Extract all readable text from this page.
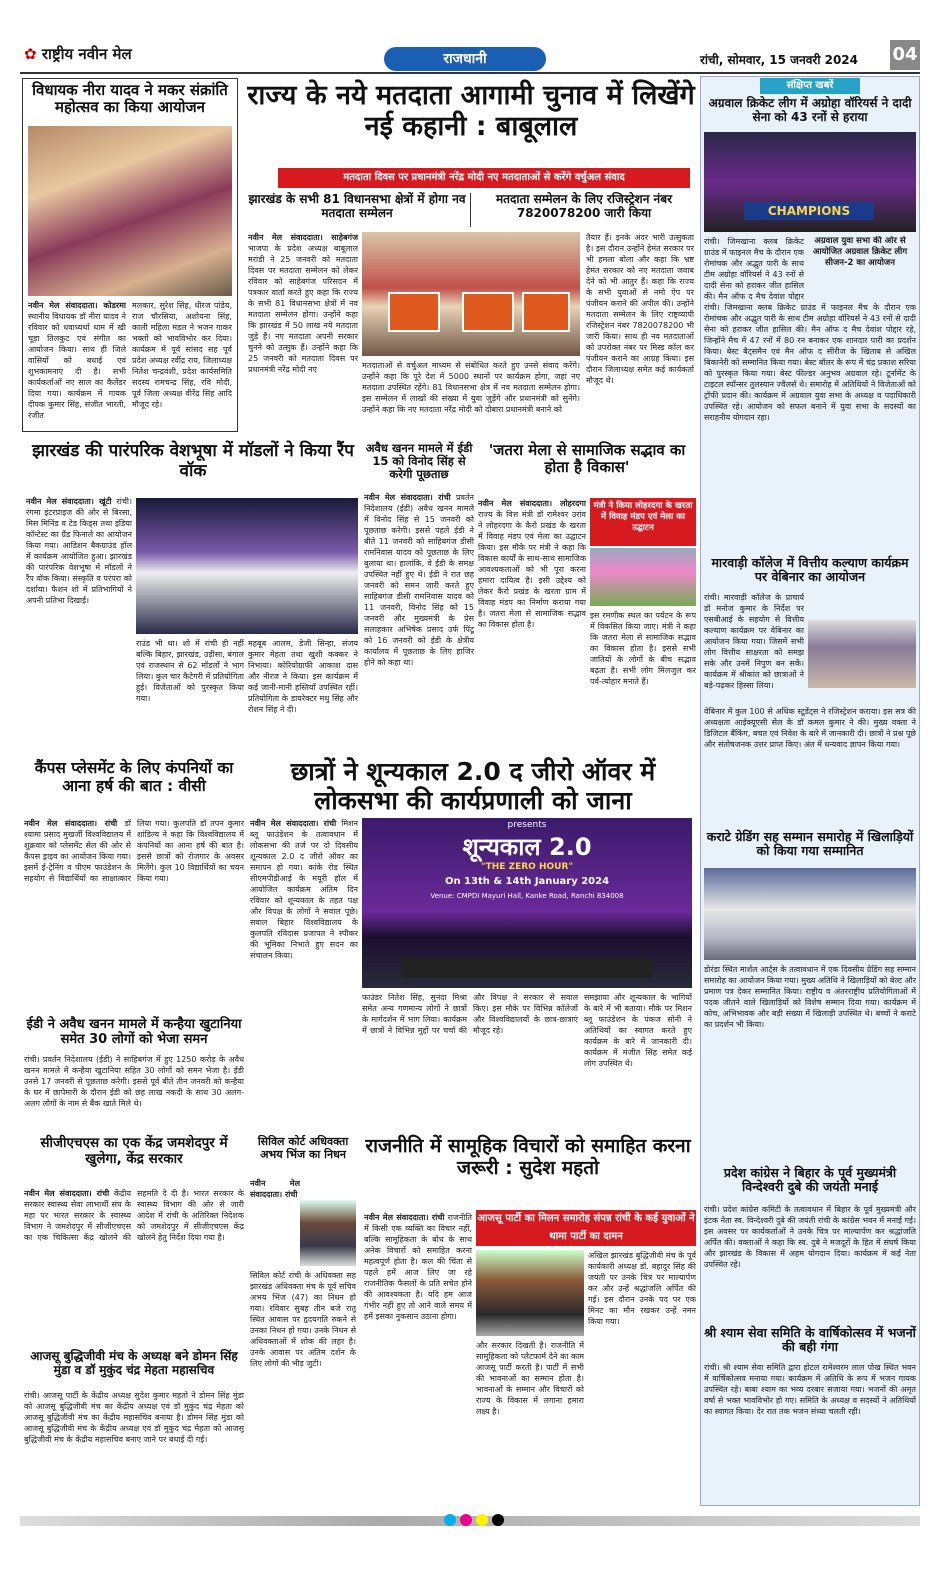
✿ राष्ट्रीय नवीन मेल	राजधानी	रांची, सोमवार, 15 जनवरी 2024 04
विधायक नीरा यादव ने मकर संक्रांति महोत्सव का किया आयोजन
नवीन मेल संवाददाता। कोडरमा स्थानीय विधायक डॉ नीरा यादव ने रविवार को धवाध्यर्था धाम में खी चूड़ा तिलकुट एवं संगीत का आयोजन किया। साथ ही जिले वासियों को बधाई एवं शुभकामनाएं दी है। सभी कार्यकर्ताओं नए साल का कैलेंडर दिया गया। कार्यक्रम में गायक दीपक कुमार सिंह, संजीत भारती, रंजीत
मलकार, सुरेश सिंह, धीरज पांडेय, राज चौरसिया, अशोयना सिंह, काली महिला मंडल ने भजन गाकर भक्तों को भावविभोर कर दिया। कार्यक्रम में पूर्व सांसद सह पूर्व प्रदेश अध्यक्ष रवींद्र राय, जिलाध्यक्ष नितेश चन्द्रवंशी, प्रदेश कार्यसमिति सदस्य रामचन्द्र सिंह, रवि मोदी, पूर्व जिला अध्यक्ष वीरेंद्र सिंह आदि मौजूद रहे।
राज्य के नये मतदाता आगामी चुनाव में लिखेंगे नई कहानी : बाबूलाल
मतदाता दिवस पर प्रधानमंत्री नरेंद्र मोदी नए मतदाताओं से करेंगे वर्चुअल संवाद
झारखंड के सभी 81 विधानसभा क्षेत्रों में होगा नव मतदाता सम्मेलन
मतदाता सम्मेलन के लिए रजिस्ट्रेशन नंबर 7820078200 जारी किया
नवीन मेल संवाददाता। साहेबगंज भाजपा के प्रदेश अध्यक्ष बाबूलाल मरांडी ने 25 जनवरी को मतदाता दिवस पर मतदाता सम्मेलन को लेकर रविवार को साहेबगंज परिसदन में पत्रकार वार्ता करते हुए कहा कि राज्य के सभी 81 विधानसभा क्षेत्रों में नव मतदाता सम्मेलन होगा। उन्होंने कहा कि झारखंड में 50 लाख नये मतदाता जुड़े हैं। नए मतदाता अपनी सरकार चुनने को उत्सुक हैं। उन्होंने कहा कि 25 जनवरी को मतदाता दिवस पर प्रधानमंत्री नरेंद्र मोदी नए	मतदाताओं से वर्चुअल माध्यम से संबोधित करते हुए उनसे संवाद करेंगे। उन्होंने कहा कि पूरे देश में 5000 स्थानों पर कार्यक्रम होगा, जहां नए मतदाता उपस्थित रहेंगे। 81 विधानसभा क्षेत्र में नव मतदाता सम्मेलन होगा। इस सम्मेलन में लाखों की संख्या में युवा जुड़ेंगे और प्रधानमंत्री को सुनेंगे। उन्होंने कहा कि नए मतदाता नरेंद्र मोदी को दोबारा प्रधानमंत्री बनाने को
तैयार हैं। इनके अंदर भारी उत्सुकता है। इस दौरान उन्होंने हेमंत सरकार पर भी हमला बोला और कहा कि भ्रष्ट हेमंत सरकार को नए मतदाता जवाब देने को भी आतुर हैं। कहा कि राज्य के सभी युवाओं से नमो ऐप पर पंजीयन कराने की अपील की। उन्होंने मतदाता सम्मेलन के लिए राष्ट्रव्यापी रजिस्ट्रेशन नंबर 7820078200 भी जारी किया। साथ ही नव मतदाताओं को उपरोक्त नंबर पर मिस्ड कॉल कर पंजीयन कराने का आग्रह किया। इस दौरान जिलाध्यक्ष समेत कई कार्यकर्ता मौजूद थे।
संक्षिप्त खबरें
अग्रवाल क्रिकेट लीग में अग्रोहा वॉरियर्स ने दादी सेना को 43 रनों से हराया
CHAMPIONS
अग्रवाल युवा सभा की ओर से आयोजित अग्रवाल क्रिकेट लीग सीजन-2 का आयोजन
रांची। जिमखाना क्लब क्रिकेट ग्राउंड में फाइनल मैच के दौरान एक रोमांचक और अद्भुत पारी के साथ टीम अग्रोहा वॉरियर्स ने 43 रनों से दादी सेना को हराकर जीत हासिल की। मैन ऑफ द मैच देवांश पोद्दार
रांची। जिमखाना क्लब क्रिकेट ग्राउंड में फाइनल मैच के दौरान एक रोमांचक और अद्भुत पारी के साथ टीम अग्रोहा वॉरियर्स ने 43 रनों से दादी सेना को हराकर जीत हासिल की। मैन ऑफ द मैच देवांश पोद्दार रहे, जिन्होंने मैच में 47 रनों में 80 रन बनाकर एक शानदार पारी का प्रदर्शन किया। बेस्ट बैट्समैन एवं मैन ऑफ द सीरीज के खिताब से अखिल बिकानेरी को सम्मानित किया गया। बेस्ट बॉलर के रूप में चंद्र प्रकाश सरिया को पुरस्कृत किया गया। बेस्ट फील्डर अनुभव अग्रवाल रहे। टूर्नामेंट के टाइटल स्पॉन्सर तुलस्यान ज्वैलर्स थे। समारोह में अतिथियों ने विजेताओं को ट्रॉफी प्रदान की। कार्यक्रम में अग्रवाल युवा सभा के अध्यक्ष व पदाधिकारी उपस्थित रहे। आयोजन को सफल बनाने में युवा सभा के सदस्यों का सराहनीय योगदान रहा।
मारवाड़ी कॉलेज में वित्तीय कल्याण कार्यक्रम पर वेबिनार का आयोजन
रांची। मारवाड़ी कॉलेज के प्राचार्य डॉ मनोज कुमार के निर्देश पर एसबीआई के सहयोग से वित्तीय कल्याण कार्यक्रम पर वेबिनार का आयोजन किया गया। जिसमें सभी लोग वित्तीय साक्षरता को समझ सके और उनमें निपुण बन सकें। कार्यक्रम में श्रीकांत को छात्राओं ने बड़े-पढ़कर हिस्सा लिया।
वेबिनार में कुल 100 से अधिक स्टूडेंट्स ने रजिस्ट्रेशन कराया। इस सत्र की अध्यक्षता आईक्यूएसी सेल के डॉ कमल कुमार ने की। मुख्य वक्ता ने डिजिटल बैंकिंग, बचत एवं निवेश के बारे में जानकारी दी। छात्रों ने प्रश्न पूछे और संतोषजनक उत्तर प्राप्त किए। अंत में धन्यवाद ज्ञापन किया गया।
कराटे ग्रेडिंग सह सम्मान समारोह में खिलाड़ियों को किया गया सम्मानित
डोरंडा स्थित मार्शल आर्ट्स के तत्वावधान में एक दिवसीय ग्रेडिंग सह सम्मान समारोह का आयोजन किया गया। मुख्य अतिथि ने खिलाड़ियों को बेल्ट और प्रमाण पत्र देकर सम्मानित किया। राष्ट्रीय व अंतरराष्ट्रीय प्रतियोगिताओं में पदक जीतने वाले खिलाड़ियों को विशेष सम्मान दिया गया। कार्यक्रम में कोच, अभिभावक और बड़ी संख्या में खिलाड़ी उपस्थित थे। बच्चों ने कराटे का प्रदर्शन भी किया।
प्रदेश कांग्रेस ने बिहार के पूर्व मुख्यमंत्री विन्देश्वरी दुबे की जयंती मनाई
रांची। प्रदेश कांग्रेस कमिटी के तत्वावधान में बिहार के पूर्व मुख्यमंत्री और इंटक नेता स्व. विन्देश्वरी दुबे की जयंती रांची के कांग्रेस भवन में मनाई गई। इस अवसर पर कार्यकर्ताओं ने उनके चित्र पर माल्यार्पण कर श्रद्धांजलि अर्पित की। वक्ताओं ने कहा कि स्व. दुबे ने मजदूरों के हित में संघर्ष किया और झारखंड के विकास में अहम योगदान दिया। कार्यक्रम में कई नेता उपस्थित रहे।
श्री श्याम सेवा समिति के वार्षिकोत्सव में भजनों की बही गंगा
रांची। श्री श्याम सेवा समिति द्वारा होटल रामेश्वरम लाल पोख स्थित भवन में वार्षिकोत्सव मनाया गया। कार्यक्रम में अतिथि के रूप में भजन गायक उपस्थित रहे। बाबा श्याम का भव्य दरबार सजाया गया। भजनों की अमृत वर्षा से भक्त भावविभोर हो गए। समिति के अध्यक्ष व सदस्यों ने अतिथियों का स्वागत किया। देर रात तक भजन संध्या चलती रही।
झारखंड की पारंपरिक वेशभूषा में मॉडलों ने किया रैंप वॉक
नवीन मेल संवाददाता। खूंटी रांची। रंगमा इंटरप्राइज की ओर से बिरसा, मिस मिनिंड व टेड किड्स तथा इंडिया कॉन्टेस्ट का ग्रैंड फिनाले का आयोजन किया गया। आडिशन बैकग्राउंड हॉल में कार्यक्रम आयोजित हुआ। झारखंड की पारंपरिक वेशभूषा में मॉडलों ने रैंप वॉक किया। संस्कृति व परंपरा को दर्शाया। फैशन शो में प्रतिभागियों ने अपनी प्रतिभा दिखाई।
राउंड भी था। शो में रांची ही नहीं बल्कि बिहार, झारखंड, उड़ीसा, बंगाल एवं राजस्थान से 62 मॉडलों ने भाग लिया। कुल चार कैटेगरी में प्रतियोगिता हुई। विजेताओं को पुरस्कृत किया गया।
महबूब आलम, डेजी सिन्हा, संजय कुमार मेहता तथा खुशी कक्कर ने निभाया। कोरियोग्राफी आकाश दास और नीरज ने किया। इस कार्यक्रम में कई जानी-मानी हस्तियाँ उपस्थित रहीं। प्रतियोगिता के डायरेक्टर मधु सिंह और रोशन सिंह ने दी।
अवैध खनन मामले में ईडी 15 को विनोद सिंह से करेगी पूछताछ
नवीन मेल संवाददाता। रांची प्रवर्तन निदेशालय (ईडी) अवैध खनन मामले में विनोद सिंह से 15 जनवरी को पूछताछ करेगी। इससे पहले ईडी ने बीते 11 जनवरी को साहिबगंज डीसी रामनिवास यादव को पूछताछ के लिए बुलाया था। हालांकि, वे ईडी के समक्ष उपस्थित नहीं हुए थे। ईडी ने रात छह जनवरी को समन जारी करते हुए साहिबगंज डीसी रामनिवास यादव को 11 जनवरी, विनोद सिंह को 15 जनवरी और मुख्यमंत्री के प्रेस सलाहकार अभिषेक प्रसाद उर्फ पिंटू को 16 जनवरी को ईडी के क्षेत्रीय कार्यालय में पूछताछ के लिए हाजिर होने को कहा था।
'जतरा मेला से सामाजिक सद्भाव का होता है विकास'
नवीन मेल संवाददाता। लोहरदगा राज्य के वित्त मंत्री डॉ रामेश्वर उरांव ने लोहरदगा के कैरो प्रखंड के खरता में विवाह मंडप एवं मेला का उद्घाटन किया। इस मौके पर मंत्री ने कहा कि विकास कार्यों के साथ-साथ सामाजिक आवश्यकताओं को भी पूरा करना हमारा दायित्व है। इसी उद्देश्य को लेकर कैरो प्रखंड के खरता ग्राम में विवाह मंडप का निर्माण कराया गया है। जतरा मेला से सामाजिक सद्भाव का विकास होता है।
मंत्री ने किया लोहरदगा के खरता में विवाह मंडप एवं मेला का उद्घाटन
इस रमणीक स्थल का पर्यटन के रूप में विकसित किया जाए। मंत्री ने कहा कि जतरा मेला से सामाजिक सद्भाव का विकास होता है। इससे सभी जातियों के लोगों के बीच सद्भाव बढ़ता है। सभी लोग मिलजुल कर पर्व-त्योहार मनाते हैं।
कैंपस प्लेसमेंट के लिए कंपनियों का आना हर्ष की बात : वीसी
नवीन मेल संवाददाता। रांची डॉ श्यामा प्रसाद मुखर्जी विश्वविद्यालय में शुक्रवार को प्लेसमेंट सेल की ओर से कैंपस ड्राइव का आयोजन किया गया। इसमें ई-ट्रेनिंग व पीएम फाउंडेशन के सहयोग से विद्यार्थियों का साक्षात्कार लिया गया। कुलपति डॉ तपन कुमार शांडिल्य ने कहा कि विश्वविद्यालय में कंपनियों का आना हर्ष की बात है। इससे छात्रों को रोजगार के अवसर मिलेंगे। कुल 10 विद्यार्थियों का चयन किया गया।
ईडी ने अवैध खनन मामले में कन्हैया खुटानिया समेत 30 लोगों को भेजा समन
रांची। प्रवर्तन निदेशालय (ईडी) ने साहिबगंज में हुए 1250 करोड़ के अवैध खनन मामले में कन्हैया खुटानिया सहित 30 लोगों को समन भेजा है। ईडी उनसे 17 जनवरी से पूछताछ करेगी। इससे पूर्व बीते तीन जनवरी को कन्हैया के घर में छापेमारी के दौरान ईडी को छह लाख नकदी के साथ 30 अलग-अलग लोगों के नाम से बैंक खाते मिले थे।
छात्रों ने शून्यकाल 2.0 द जीरो ऑवर में लोकसभा की कार्यप्रणाली को जाना
नवीन मेल संवाददाता। रांची मिशन ब्लू फाउंडेशन के तत्वावधान में लोकसभा की तर्ज पर दो दिवसीय शून्यकाल 2.0 द जीरो ऑवर का समापन हो गया। कांके रोड स्थित सीएमपीडीआई के मयूरी हॉल में आयोजित कार्यक्रम अंतिम दिन रविवार को शून्यकाल के तहत पक्ष और विपक्ष के लोगों ने सवाल पूछे। सवाल बिहार विश्वविद्यालय के कुलपति रविदास प्रजापत ने स्पीकर की भूमिका निभाते हुए सदन का संचालन किया।
presents
शून्यकाल 2.0
"THE ZERO HOUR"
On 13th & 14th January 2024
Venue: CMPDI Mayuri Hall, Kanke Road, Ranchi 834008
फाउंडर नितेश सिंह, सुनंदा मिश्रा समेत अन्य गणमान्य लोगों ने छात्रों के मार्गदर्शन में भाग लिया। कार्यक्रम में छात्रों ने विभिन्न मुद्दों पर चर्चा की और विपक्ष ने सरकार से सवाल किए। इस मौके पर विभिन्न कॉलेजों और विश्वविद्यालयों के छात्र-छात्राएं मौजूद रहे।
समझाया और शून्यकाल के भागियों के बारे में भी बताया। मौके पर मिशन ब्लू फाउंडेशन के पंकज सोनी ने अतिथियों का स्वागत करते हुए कार्यक्रम के बारे में जानकारी दी। कार्यक्रम में मंजीत सिंह समेत कई लोग उपस्थित थे।
सीजीएचएस का एक केंद्र जमशेदपुर में खुलेगा, केंद्र सरकार
नवीन मेल संवाददाता। रांची केंद्रीय सरकार स्वास्थ्य सेवा लाभार्थी संघ के महा पर भारत सरकार के स्वास्थ्य विभाग ने जमशेदपुर में सीजीएचएस का एक चिकित्सा केंद्र खोलने की सहमति दे दी है। भारत सरकार के स्वास्थ्य विभाग की ओर से जारी आदेश में रांची के अतिरिक्त निदेशक को जमशेदपुर में सीजीएचएस केंद्र खोलने हेतु निर्देश दिया गया है।
आजसू बुद्धिजीवी मंच के अध्यक्ष बने डोमन सिंह मुंडा व डॉ मुकुंद चंद्र मेहता महासचिव
रांची। आजसू पार्टी के केंद्रीय अध्यक्ष सुदेश कुमार महतो ने डोमन सिंह मुंडा को आजसू बुद्धिजीवी मंच का केंद्रीय अध्यक्ष एवं डॉ मुकुंद चंद्र मेहता को आजसू बुद्धिजीवी मंच का केंद्रीय महासचिव बनाया है। डोमन सिंह मुंडा को आजसू बुद्धिजीवी मंच के केंद्रीय अध्यक्ष एवं डॉ मुकुंद चंद्र मेहता को आजसू बुद्धिजीवी मंच के केंद्रीय महासचिव बनाए जाने पर बधाई दी गई।
सिविल कोर्ट अधिवक्ता अभय भिंज का निधन
नवीन मेल संवाददाता। रांची
सिविल कोर्ट रांची के अधिवक्ता सह झारखंड अधिवक्ता मंच के पूर्व सचिव अभय भिंज (47) का निधन हो गया। रविवार सुबह तीन बजे रातू स्थित आवास पर हृदयगति रुकने से उनका निधन हो गया। उनके निधन से अधिवक्ताओं में शोक की लहर है। उनके आवास पर अंतिम दर्शन के लिए लोगों की भीड़ जुटी।
राजनीति में सामूहिक विचारों को समाहित करना जरूरी : सुदेश महतो
आजसू पार्टी का मिलन समारोह संपन्न रांची के कई युवाओं ने थामा पार्टी का दामन
नवीन मेल संवाददाता। रांची राजनीति में किसी एक व्यक्ति का विचार नहीं, बल्कि सामूहिकता के बोध के साथ अनेक विचारों को समाहित करना महत्वपूर्ण होता है। कल की चिंता से पहले हमें आज लिए जा रहे राजनीतिक फैसलों के प्रति सचेत होने की आवश्यकता है। यदि हम आज गंभीर नहीं हुए तो आने वाले समय में हमें इसका नुकसान उठाना होगा।
और सरकार दिखती है। राजनीति में सामूहिकता को प्लेटफार्म देने का काम आजसू पार्टी करती है। पार्टी में सभी की भावनाओं का सम्मान होता है। भावनाओं के सम्मान और विचारों को राज्य के विकास में लगाना हमारा लक्ष्य है।
अखिल झारखंड बुद्धिजीवी मंच के पूर्व कार्यकारी अध्यक्ष डॉ. बहादुर सिंह की जयंती पर उनके चित्र पर माल्यार्पण कर और उन्हें श्रद्धांजलि अर्पित की गई। इस दौरान उनके पद पर एक मिनट का मौन रखकर उन्हें नमन किया गया।
